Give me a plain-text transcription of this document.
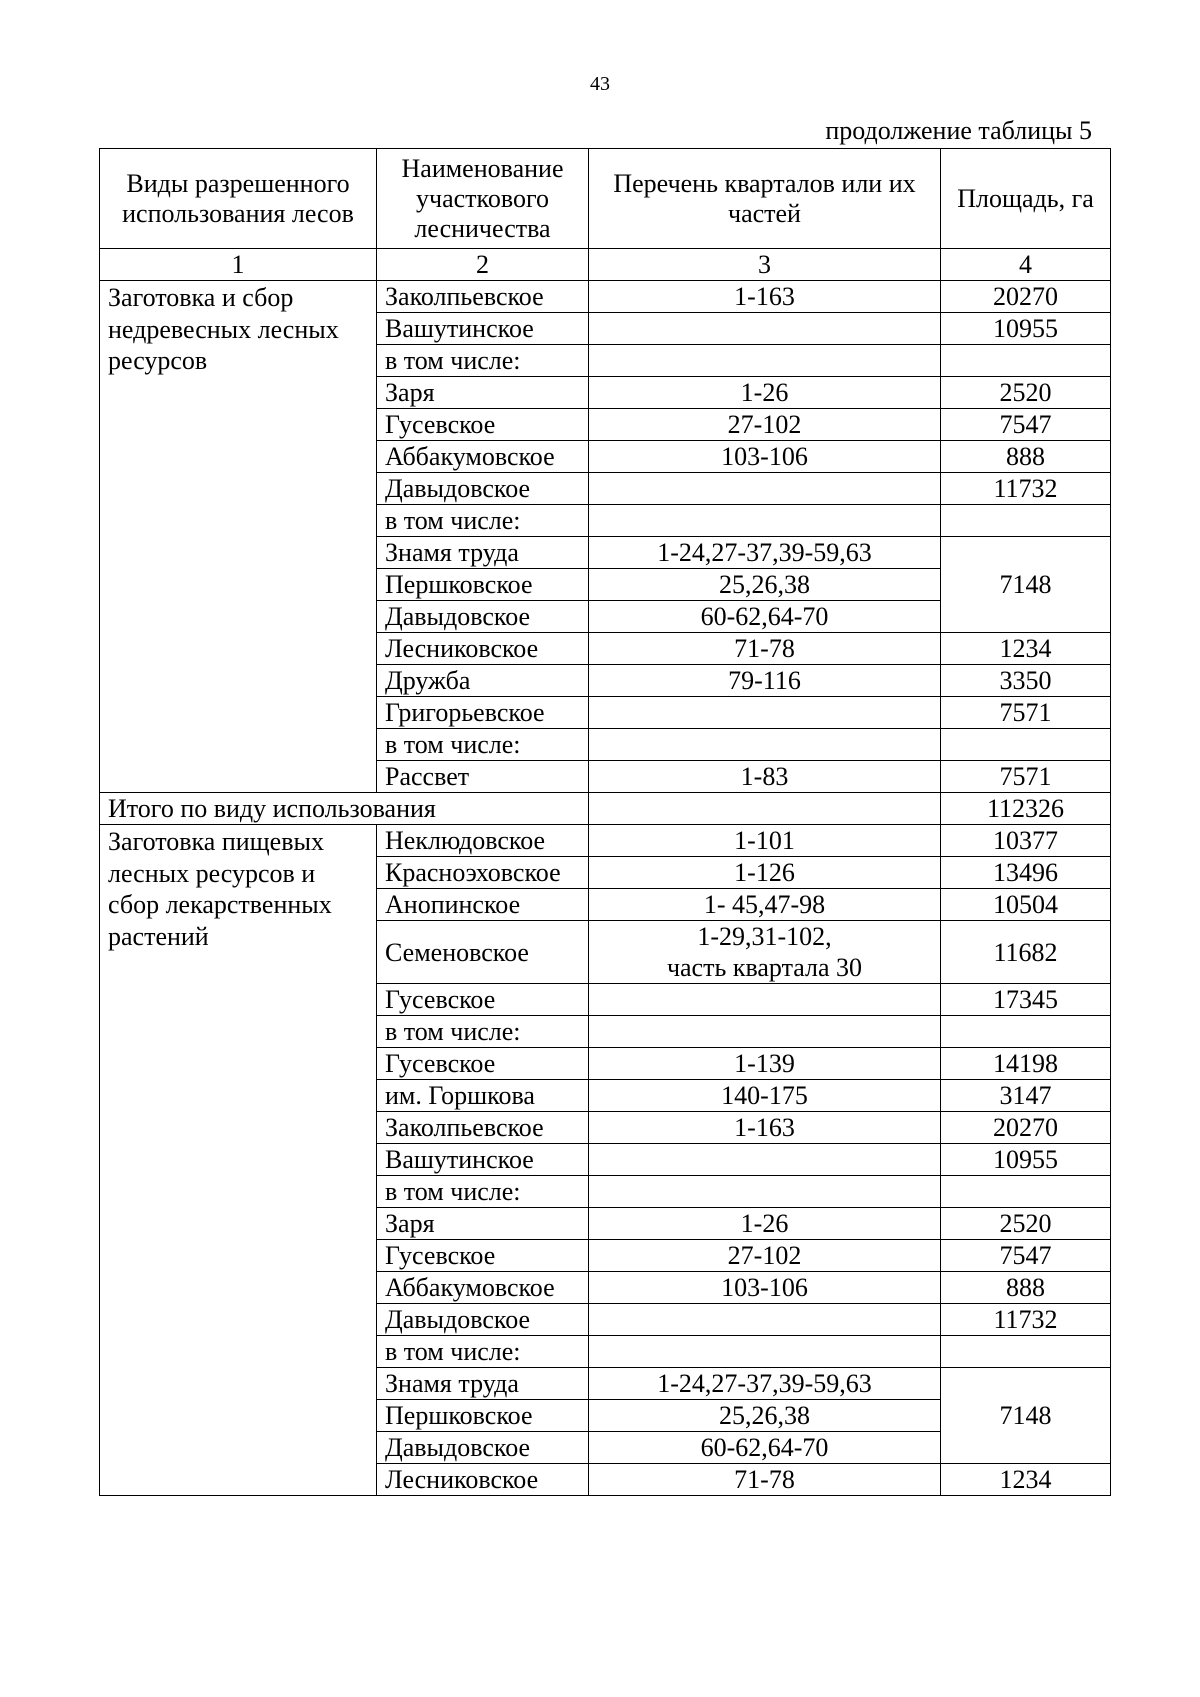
43
продолжение таблицы 5
Виды разрешенного использования лесов	Наименование участкового лесничества	Перечень кварталов или их частей	Площадь, га
1	2	3	4
Заготовка и сбор
недревесных лесных
ресурсов	Заколпьевское	1-163	20270
	Вашутинское		10955
	в том числе:		
	Заря	1-26	2520
	Гусевское	27-102	7547
	Аббакумовское	103-106	888
	Давыдовское		11732
	в том числе:		
	Знамя труда	1-24,27-37,39-59,63	7148
	Першковское	25,26,38	
	Давыдовское	60-62,64-70	
	Лесниковское	71-78	1234
	Дружба	79-116	3350
	Григорьевское		7571
	в том числе:		
	Рассвет	1-83	7571
Итого по виду использования			112326
Заготовка пищевых
лесных ресурсов и
сбор лекарственных
растений	Неклюдовское	1-101	10377
	Красноэховское	1-126	13496
	Анопинское	1- 45,47-98	10504
	Семеновское	1-29,31-102,
часть квартала 30	11682
	Гусевское		17345
	в том числе:		
	Гусевское	1-139	14198
	им. Горшкова	140-175	3147
	Заколпьевское	1-163	20270
	Вашутинское		10955
	в том числе:		
	Заря	1-26	2520
	Гусевское	27-102	7547
	Аббакумовское	103-106	888
	Давыдовское		11732
	в том числе:		
	Знамя труда	1-24,27-37,39-59,63	7148
	Першковское	25,26,38	
	Давыдовское	60-62,64-70	
	Лесниковское	71-78	1234
